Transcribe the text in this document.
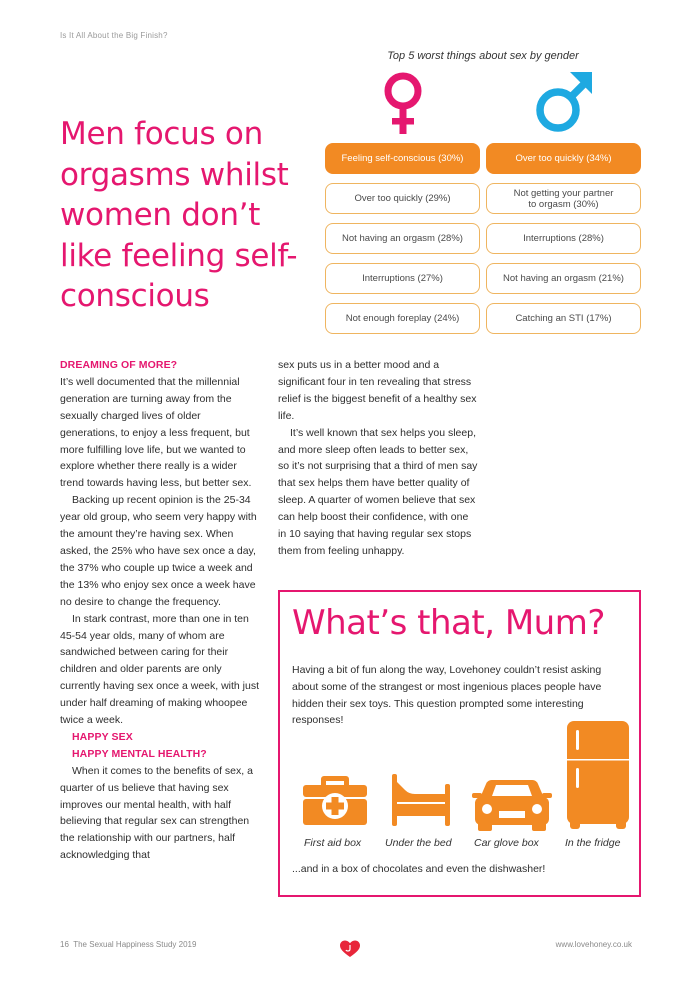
Is It All About the Big Finish?
Men focus on orgasms whilst women don’t like feeling self-conscious
Top 5 worst things about sex by gender
Feeling self-conscious (30%)
Over too quickly (29%)
Not having an orgasm (28%)
Interruptions (27%)
Not enough foreplay (24%)
Over too quickly (34%)
Not getting your partner to orgasm (30%)
Interruptions (28%)
Not having an orgasm (21%)
Catching an STI (17%)
DREAMING OF MORE?

It’s well documented that the millennial generation are turning away from the sexually charged lives of older generations, to enjoy a less frequent, but more fulfilling love life, but we wanted to explore whether there really is a wider trend towards having less, but better sex.

Backing up recent opinion is the 25-34 year old group, who seem very happy with the amount they’re having sex. When asked, the 25% who have sex once a day, the 37% who couple up twice a week and the 13% who enjoy sex once a week have no desire to change the frequency.

In stark contrast, more than one in ten 45-54 year olds, many of whom are sandwiched between caring for their children and older parents are only currently having sex once a week, with just under half dreaming of making whoopee twice a week.

HAPPY SEX
HAPPY MENTAL HEALTH?

When it comes to the benefits of sex, a quarter of us believe that having sex improves our mental health, with half believing that regular sex can strengthen the relationship with our partners, half acknowledging that

sex puts us in a better mood and a significant four in ten revealing that stress relief is the biggest benefit of a healthy sex life.

It’s well known that sex helps you sleep, and more sleep often leads to better sex, so it’s not surprising that a third of men say that sex helps them have better quality of sleep. A quarter of women believe that sex can help boost their confidence, with one in 10 saying that having regular sex stops them from feeling unhappy.

What’s that, Mum?
Having a bit of fun along the way, Lovehoney couldn’t resist asking about some of the strangest or most ingenious places people have hidden their sex toys. This question prompted some interesting responses!
First aid box Under the bed Car glove box In the fridge
...and in a box of chocolates and even the dishwasher!
16 The Sexual Happiness Study 2019	www.lovehoney.co.uk
